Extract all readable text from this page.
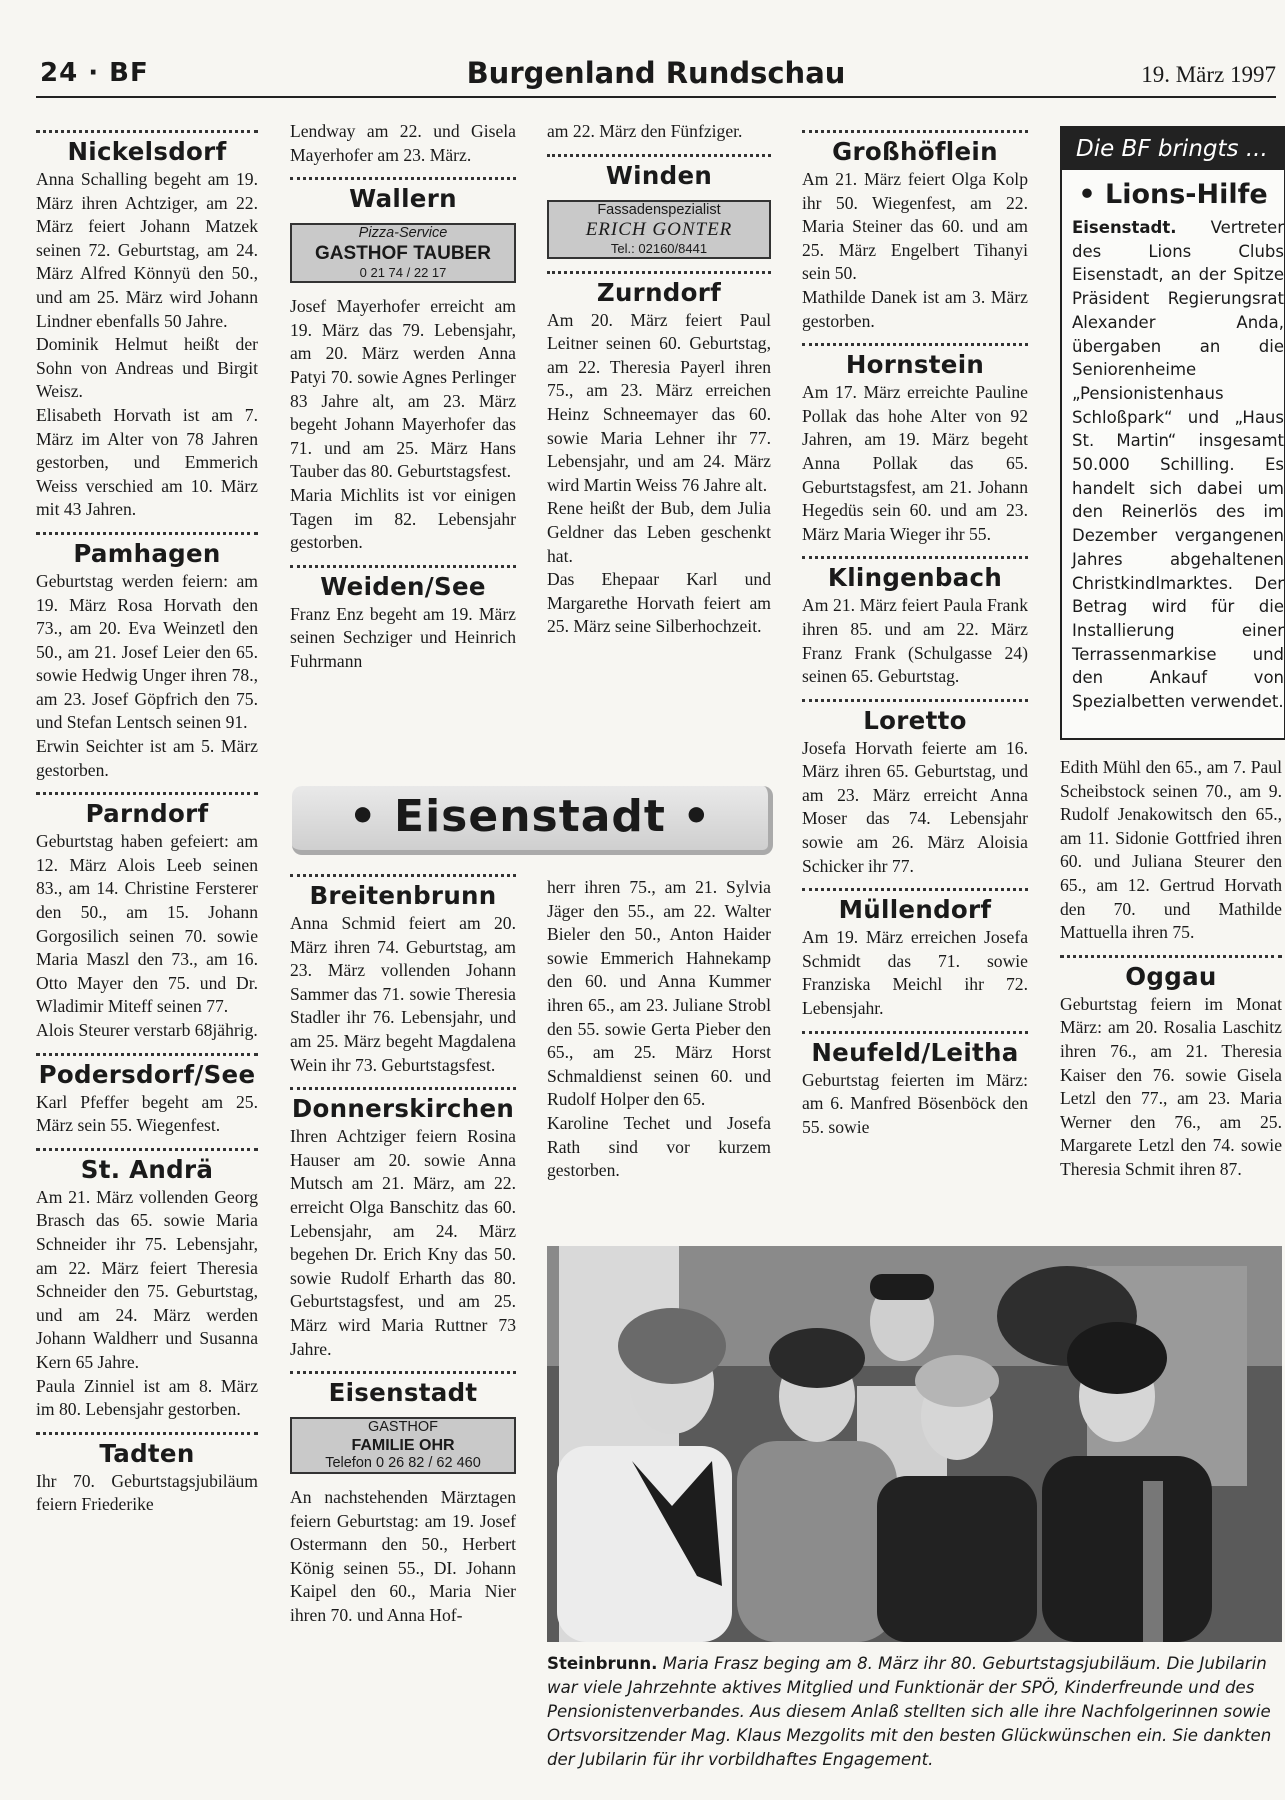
24 · BF	Burgenland Rundschau	19. März 1997
Nickelsdorf

Anna Schalling begeht am 19. März ihren Achtziger, am 22. März feiert Johann Matzek seinen 72. Geburtstag, am 24. März Alfred Könnyü den 50., und am 25. März wird Johann Lindner ebenfalls 50 Jahre.

Dominik Helmut heißt der Sohn von Andreas und Birgit Weisz.

Elisabeth Horvath ist am 7. März im Alter von 78 Jahren gestorben, und Emmerich Weiss verschied am 10. März mit 43 Jahren.

Pamhagen

Geburtstag werden feiern: am 19. März Rosa Horvath den 73., am 20. Eva Weinzetl den 50., am 21. Josef Leier den 65. sowie Hedwig Unger ihren 78., am 23. Josef Göpfrich den 75. und Stefan Lentsch seinen 91.

Erwin Seichter ist am 5. März gestorben.

Parndorf

Geburtstag haben gefeiert: am 12. März Alois Leeb seinen 83., am 14. Christine Fersterer den 50., am 15. Johann Gorgosilich seinen 70. sowie Maria Maszl den 73., am 16. Otto Mayer den 75. und Dr. Wladimir Miteff seinen 77.

Alois Steurer verstarb 68jährig.

Podersdorf/See

Karl Pfeffer begeht am 25. März sein 55. Wiegenfest.

St. Andrä

Am 21. März vollenden Georg Brasch das 65. sowie Maria Schneider ihr 75. Lebensjahr, am 22. März feiert Theresia Schneider den 75. Geburtstag, und am 24. März werden Johann Waldherr und Susanna Kern 65 Jahre.

Paula Zinniel ist am 8. März im 80. Lebensjahr gestorben.

Tadten

Ihr 70. Geburtstagsjubiläum feiern Friederike

Lendway am 22. und Gisela Mayerhofer am 23. März.

Wallern
Pizza-Service
GASTHOF TAUBER
0 21 74 / 22 17

Josef Mayerhofer erreicht am 19. März das 79. Lebensjahr, am 20. März werden Anna Patyi 70. sowie Agnes Perlinger 83 Jahre alt, am 23. März begeht Johann Mayerhofer das 71. und am 25. März Hans Tauber das 80. Geburtstagsfest.

Maria Michlits ist vor einigen Tagen im 82. Lebensjahr gestorben.

Weiden/See

Franz Enz begeht am 19. März seinen Sechziger und Heinrich Fuhrmann

am 22. März den Fünfziger.

Winden
Fassadenspezialist
ERICH GONTER
Tel.: 02160/8441
Zurndorf

Am 20. März feiert Paul Leitner seinen 60. Geburtstag, am 22. Theresia Payerl ihren 75., am 23. März erreichen Heinz Schneemayer das 60. sowie Maria Lehner ihr 77. Lebensjahr, und am 24. März wird Martin Weiss 76 Jahre alt.

Rene heißt der Bub, dem Julia Geldner das Leben geschenkt hat.

Das Ehepaar Karl und Margarethe Horvath feiert am 25. März seine Silberhochzeit.

Großhöflein

Am 21. März feiert Olga Kolp ihr 50. Wiegenfest, am 22. Maria Steiner das 60. und am 25. März Engelbert Tihanyi sein 50.

Mathilde Danek ist am 3. März gestorben.

Hornstein

Am 17. März erreichte Pauline Pollak das hohe Alter von 92 Jahren, am 19. März begeht Anna Pollak das 65. Geburtstagsfest, am 21. Johann Hegedüs sein 60. und am 23. März Maria Wieger ihr 55.

Klingenbach

Am 21. März feiert Paula Frank ihren 85. und am 22. März Franz Frank (Schulgasse 24) seinen 65. Geburtstag.

Loretto

Josefa Horvath feierte am 16. März ihren 65. Geburtstag, und am 23. März erreicht Anna Moser das 74. Lebensjahr sowie am 26. März Aloisia Schicker ihr 77.

Müllendorf

Am 19. März erreichen Josefa Schmidt das 71. sowie Franziska Meichl ihr 72. Lebensjahr.

Neufeld/Leitha

Geburtstag feierten im März: am 6. Manfred Bösenböck den 55. sowie

Die BF bringts ...
• Lions-Hilfe

Eisenstadt. Vertreter des Lions Clubs Eisenstadt, an der Spitze Präsident Regierungsrat Alexander Anda, übergaben an die Seniorenheime „Pensionistenhaus Schloßpark“ und „Haus St. Martin“ insgesamt 50.000 Schilling. Es handelt sich dabei um den Reinerlös des im Dezember vergangenen Jahres abgehaltenen Christkindlmarktes. Der Betrag wird für die Installierung einer Terrassenmarkise und den Ankauf von Spezialbetten verwendet.

Edith Mühl den 65., am 7. Paul Scheibstock seinen 70., am 9. Rudolf Jenakowitsch den 65., am 11. Sidonie Gottfried ihren 60. und Juliana Steurer den 65., am 12. Gertrud Horvath den 70. und Mathilde Mattuella ihren 75.

Oggau

Geburtstag feiern im Monat März: am 20. Rosalia Laschitz ihren 76., am 21. Theresia Kaiser den 76. sowie Gisela Letzl den 77., am 23. Maria Werner den 76., am 25. Margarete Letzl den 74. sowie Theresia Schmit ihren 87.

• Eisenstadt •
Breitenbrunn

Anna Schmid feiert am 20. März ihren 74. Geburtstag, am 23. März vollenden Johann Sammer das 71. sowie Theresia Stadler ihr 76. Lebensjahr, und am 25. März begeht Magdalena Wein ihr 73. Geburtstagsfest.

Donnerskirchen

Ihren Achtziger feiern Rosina Hauser am 20. sowie Anna Mutsch am 21. März, am 22. erreicht Olga Banschitz das 60. Lebensjahr, am 24. März begehen Dr. Erich Kny das 50. sowie Rudolf Erharth das 80. Geburtstagsfest, und am 25. März wird Maria Ruttner 73 Jahre.

Eisenstadt
GASTHOF
FAMILIE OHR
Telefon 0 26 82 / 62 460

An nachstehenden Märztagen feiern Geburtstag: am 19. Josef Ostermann den 50., Herbert König seinen 55., DI. Johann Kaipel den 60., Maria Nier ihren 70. und Anna Hof-

herr ihren 75., am 21. Sylvia Jäger den 55., am 22. Walter Bieler den 50., Anton Haider sowie Emmerich Hahnekamp den 60. und Anna Kummer ihren 65., am 23. Juliane Strobl den 55. sowie Gerta Pieber den 65., am 25. März Horst Schmaldienst seinen 60. und Rudolf Holper den 65.

Karoline Techet und Josefa Rath sind vor kurzem gestorben.

Steinbrunn. Maria Frasz beging am 8. März ihr 80. Geburtstagsjubiläum. Die Jubilarin war viele Jahrzehnte aktives Mitglied und Funktionär der SPÖ, Kinderfreunde und des Pensionistenverbandes. Aus diesem Anlaß stellten sich alle ihre Nachfolgerinnen sowie Ortsvorsitzender Mag. Klaus Mezgolits mit den besten Glückwünschen ein. Sie dankten der Jubilarin für ihr vorbildhaftes Engagement.
